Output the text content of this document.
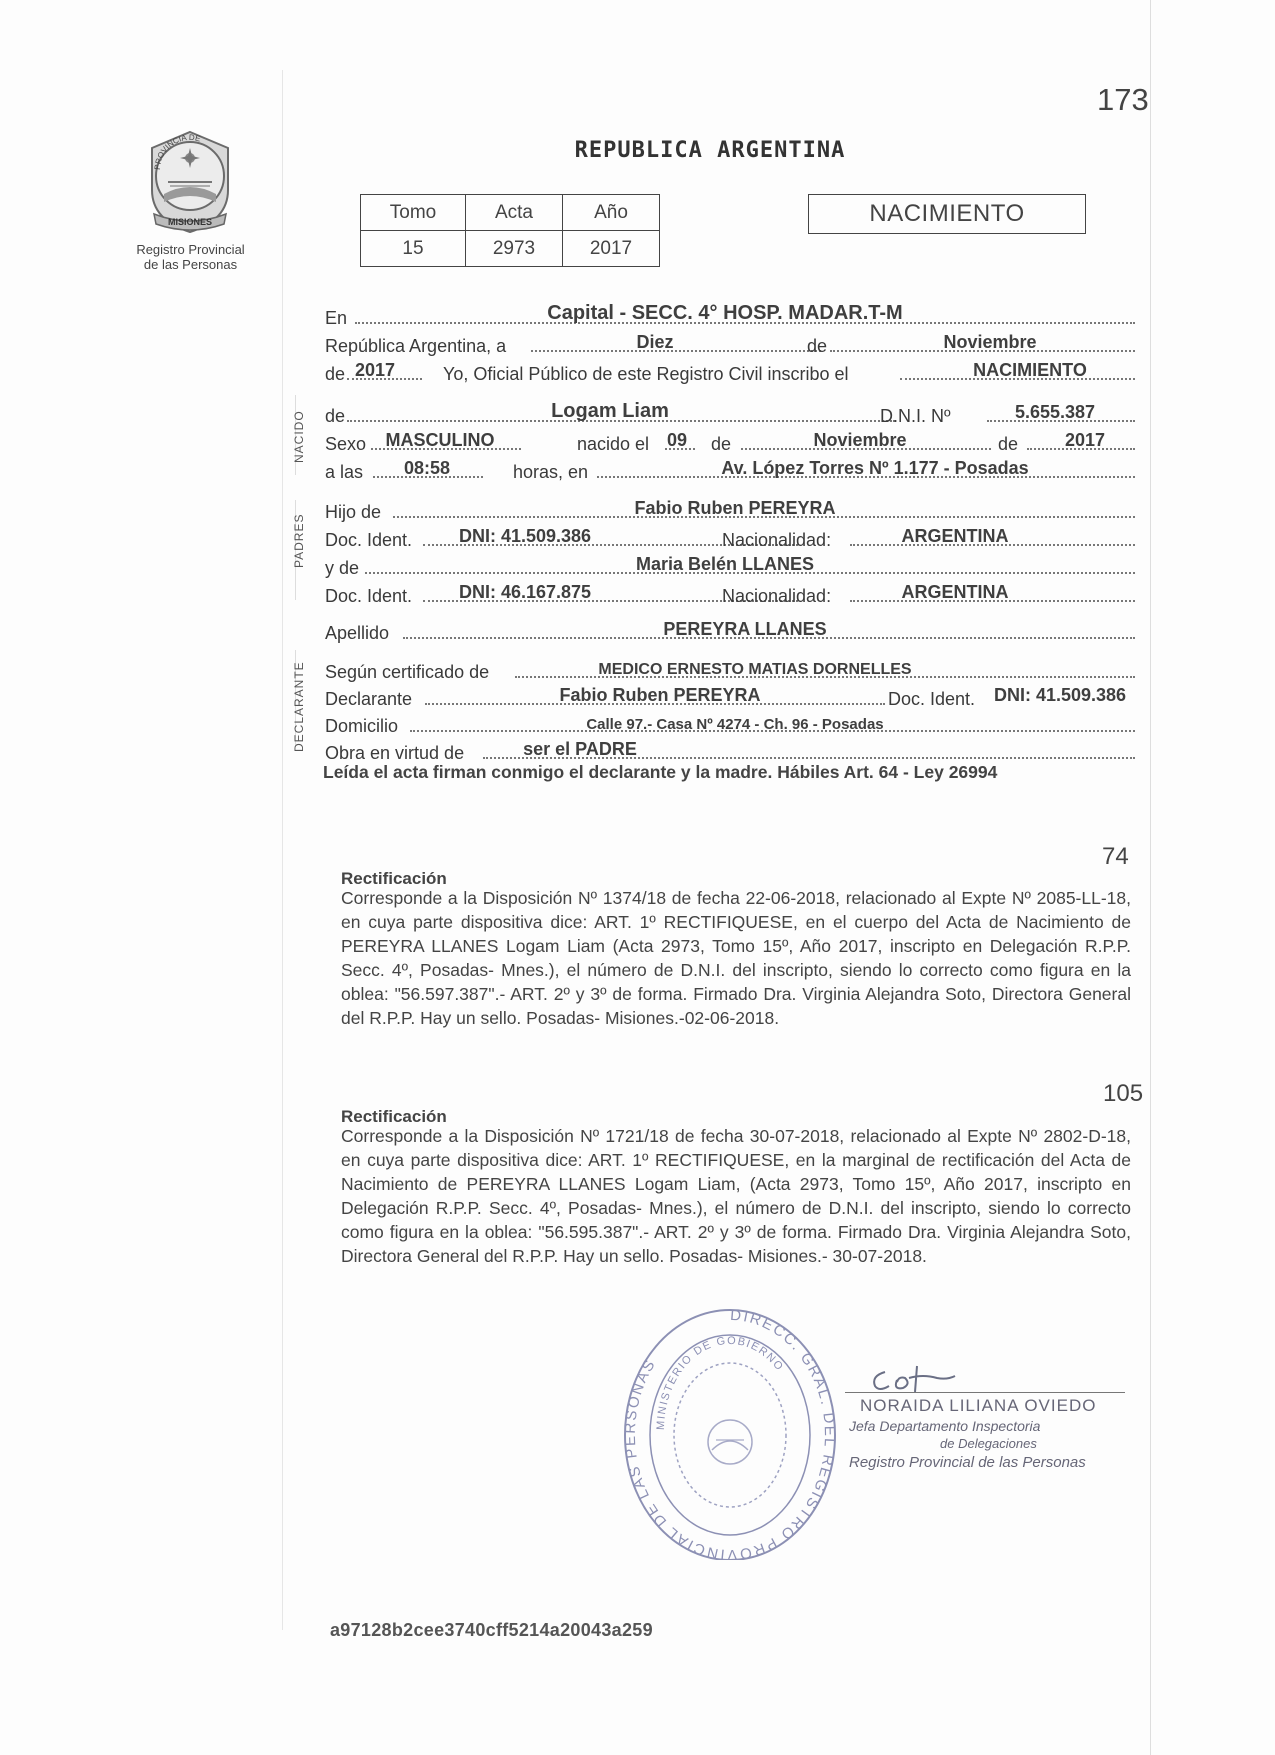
173
PROVINCIA DE
MISIONES
Registro Provincial
de las Personas
REPUBLICA ARGENTINA
Tomo	Acta	Año
15	2973	2017
NACIMIENTO
NACIDO
PADRES
DECLARANTE
En	Capital - SECC. 4° HOSP. MADAR.T-M
República Argentina, a	Diez	de	Noviembre
de 2017	Yo, Oficial Público de este Registro Civil inscribo el	NACIMIENTO
de	Logam Liam	D.N.I. Nº	5.655.387
Sexo	MASCULINO	nacido el 09	de	Noviembre	de	2017
a las	08:58	horas, en	Av. López Torres Nº 1.177 - Posadas
Hijo de	Fabio Ruben PEREYRA
Doc. Ident.	DNI: 41.509.386	Nacionalidad:	ARGENTINA
y de	Maria Belén LLANES
Doc. Ident.	DNI: 46.167.875	Nacionalidad:	ARGENTINA
Apellido	PEREYRA LLANES
Según certificado de	MEDICO ERNESTO MATIAS DORNELLES
Declarante	Fabio Ruben PEREYRA	Doc. Ident.	DNI: 41.509.386
Domicilio	Calle 97.- Casa Nº 4274 - Ch. 96 - Posadas
Obra en virtud de	ser el PADRE
Leída el acta firman conmigo el declarante y la madre. Hábiles Art. 64 - Ley 26994
74
Rectificación
Corresponde a la Disposición Nº 1374/18 de fecha 22-06-2018, relacionado al Expte Nº 2085-LL-18, en cuya parte dispositiva dice: ART. 1º RECTIFIQUESE, en el cuerpo del Acta de Nacimiento de PEREYRA LLANES Logam Liam (Acta 2973, Tomo 15º, Año 2017, inscripto en Delegación R.P.P. Secc. 4º, Posadas- Mnes.), el número de D.N.I. del inscripto, siendo lo correcto como figura en la oblea: "56.597.387".- ART. 2º y 3º de forma. Firmado Dra. Virginia Alejandra Soto, Directora General del R.P.P. Hay un sello. Posadas- Misiones.-02-06-2018.
105
Rectificación
Corresponde a la Disposición Nº 1721/18 de fecha 30-07-2018, relacionado al Expte Nº 2802-D-18, en cuya parte dispositiva dice: ART. 1º RECTIFIQUESE, en la marginal de rectificación del Acta de Nacimiento de PEREYRA LLANES Logam Liam, (Acta 2973, Tomo 15º, Año 2017, inscripto en Delegación R.P.P. Secc. 4º, Posadas- Mnes.), el número de D.N.I. del inscripto, siendo lo correcto como figura en la oblea: "56.595.387".- ART. 2º y 3º de forma. Firmado Dra. Virginia Alejandra Soto, Directora General del R.P.P. Hay un sello. Posadas- Misiones.- 30-07-2018.
DIRECC. GRAL. DEL REGISTRO PROVINCIAL DE LAS PERSONAS
MINISTERIO DE GOBIERNO
NORAIDA LILIANA OVIEDO
Jefa Departamento Inspectoria
de Delegaciones
Registro Provincial de las Personas
a97128b2cee3740cff5214a20043a259
